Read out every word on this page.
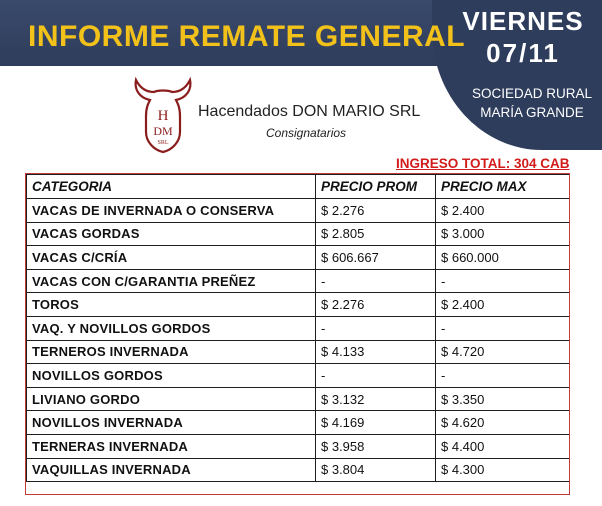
INFORME REMATE GENERAL
VIERNES
07/11
SOCIEDAD RURAL
MARÍA GRANDE
H
DM
SRL
Hacendados DON MARIO SRL
Consignatarios
INGRESO TOTAL: 304 CAB
CATEGORIA	PRECIO PROM	PRECIO MAX
VACAS DE INVERNADA O CONSERVA	$ 2.276	$ 2.400
VACAS GORDAS	$ 2.805	$ 3.000
VACAS C/CRÍA	$ 606.667	$ 660.000
VACAS CON C/GARANTIA PREÑEZ	-	-
TOROS	$ 2.276	$ 2.400
VAQ. Y NOVILLOS GORDOS	-	-
TERNEROS INVERNADA	$ 4.133	$ 4.720
NOVILLOS GORDOS	-	-
LIVIANO GORDO	$ 3.132	$ 3.350
NOVILLOS INVERNADA	$ 4.169	$ 4.620
TERNERAS INVERNADA	$ 3.958	$ 4.400
VAQUILLAS INVERNADA	$ 3.804	$ 4.300
